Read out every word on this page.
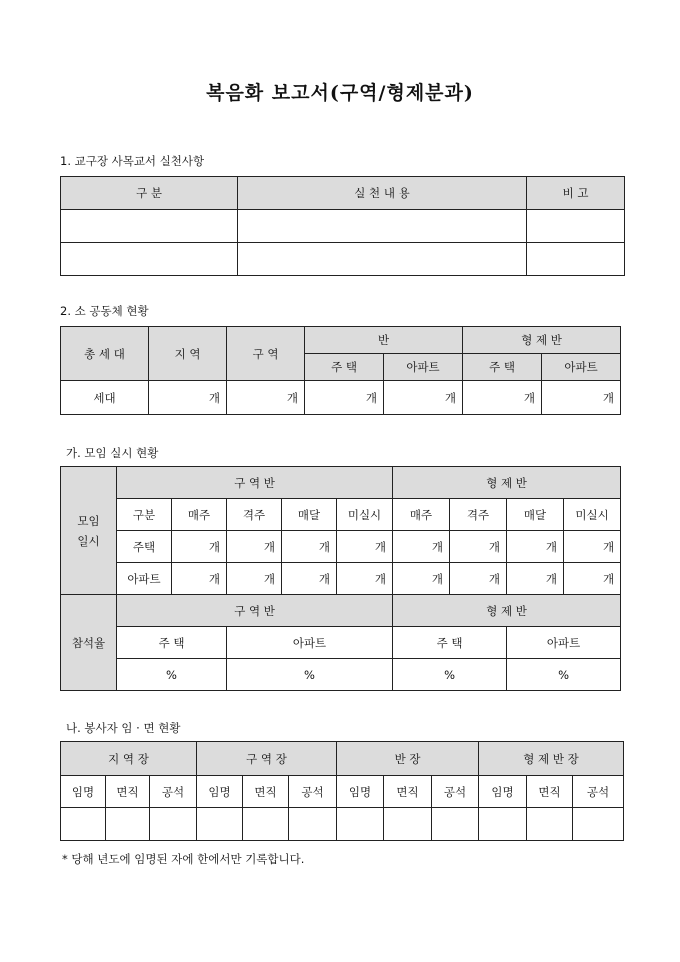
복음화 보고서(구역/형제분과)
1. 교구장 사목교서 실천사항
구 분	실 천 내 용	비 고

2. 소 공동체 현황
총 세 대	지 역	구 역	반		형 제 반	
			주 택	아파트	주 택	아파트
세대	개	개	개	개	개	개
가. 모임 실시 현황
모임
일시	구 역 반					형 제 반			
	구분	매주	격주	매달	미실시	매주	격주	매달	미실시
	주택	개	개	개	개	개	개	개	개
	아파트	개	개	개	개	개	개	개	개
참석율	구 역 반					형 제 반			
	주 택		아파트			주 택		아파트	
	%		%			%		%	
나. 봉사자 임 · 면 현황
지 역 장			구 역 장			반 장			형 제 반 장		
임명	면직	공석	임명	면직	공석	임명	면직	공석	임명	면직	공석

* 당해 년도에 임명된 자에 한에서만 기록합니다.
